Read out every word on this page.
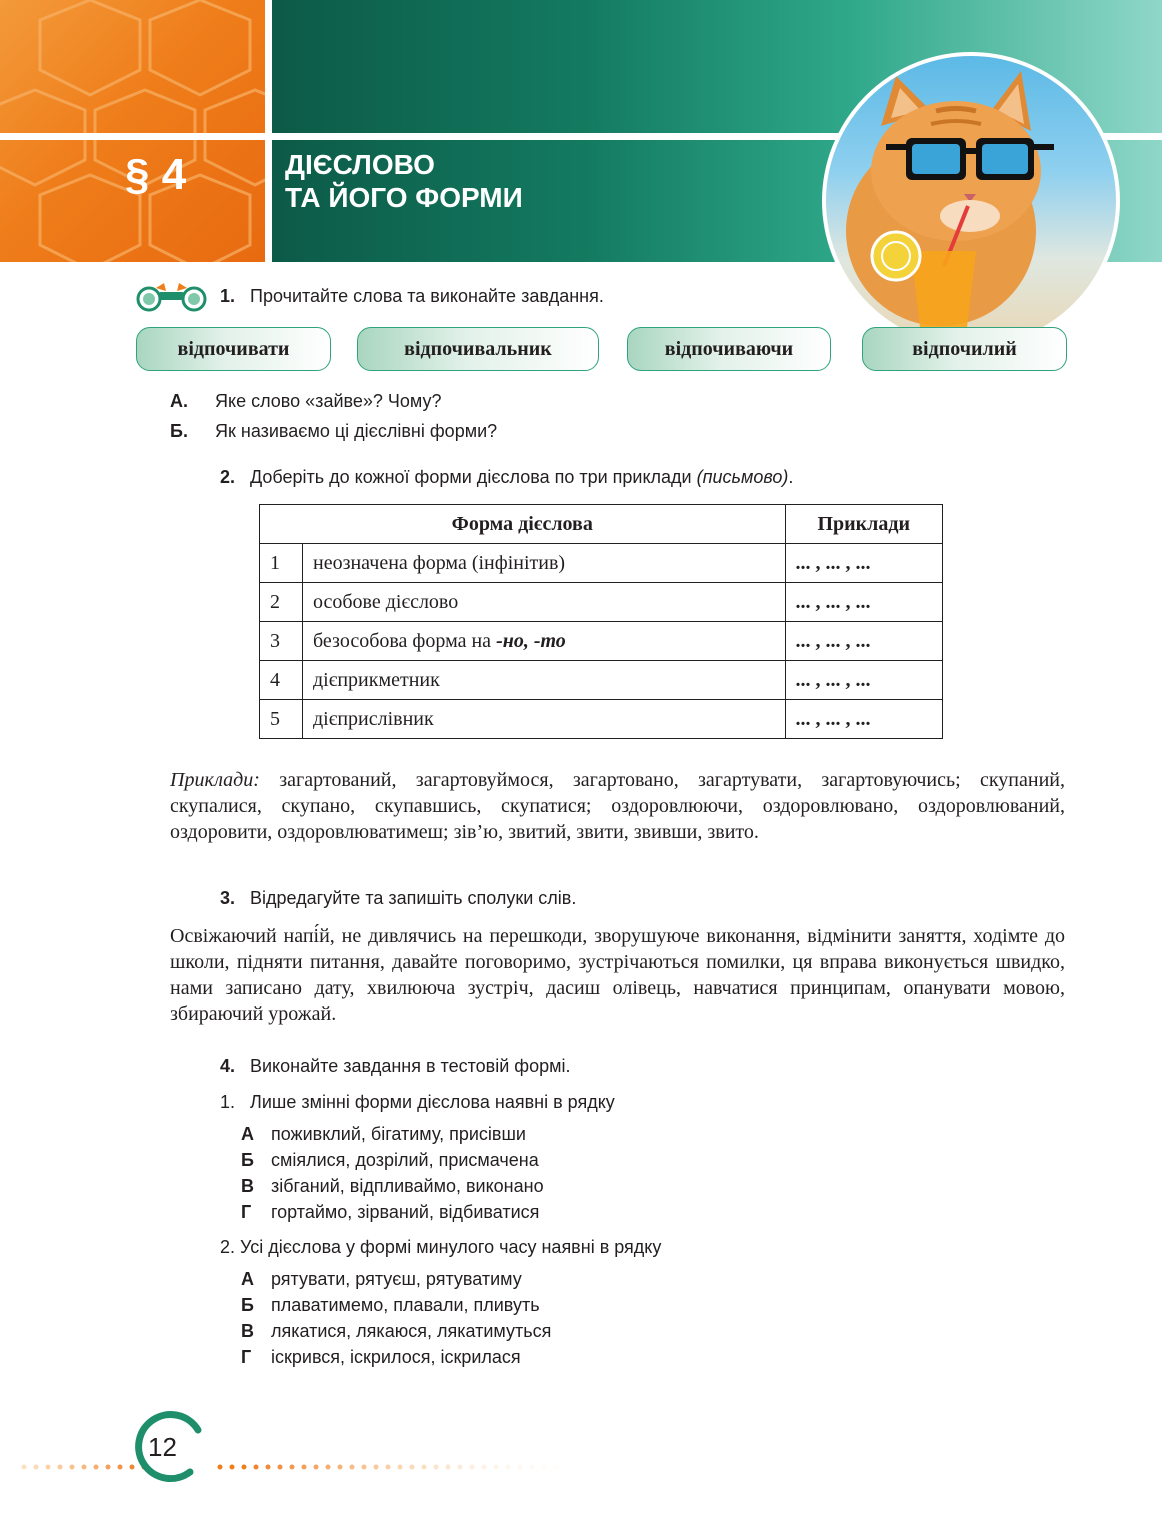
§ 4	ДІЄСЛОВО
ТА ЙОГО ФОРМИ
1. Прочитайте слова та виконайте завдання.
відпочивати	відпочивальник	відпочиваючи	відпочилий
А. Яке слово «зайве»? Чому?
Б. Як називаємо ці дієслівні форми?
2. Доберіть до кожної форми дієслова по три приклади (письмово).
Форма дієслова		Приклади
1	неозначена форма (інфінітив)	... , ... , ...
2	особове дієслово	... , ... , ...
3	безособова форма на -но, -то	... , ... , ...
4	дієприкметник	... , ... , ...
5	дієприслівник	... , ... , ...
Приклади: загартований, загартовуймося, загартовано, загартувати, загартовуючись; скупаний, скупалися, скупано, скупавшись, скупатися; оздоровлюючи, оздоровлювано, оздоровлюваний, оздоровити, оздоровлюватимеш; зів’ю, звитий, звити, звивши, звито.
3. Відредагуйте та запишіть сполуки слів.
Освіжаючий напі́й, не дивлячись на перешкоди, зворушуюче виконання, відмінити заняття, ходімте до школи, підняти питання, давайте поговоримо, зустрічаються помилки, ця вправа виконується швидко, нами записано дату, хвилююча зустріч, дасиш олівець, навчатися принципам, опанувати мовою, збираючий урожай.
4. Виконайте завдання в тестовій формі.
1.   Лише змінні форми дієслова наявні в рядку
А поживклий, бігатиму, присівши
Б сміялися, дозрілий, присмачена
В зібганий, відпливаймо, виконано
Г гортаймо, зірваний, відбиватися
2. Усі дієслова у формі минулого часу наявні в рядку
А рятувати, рятуєш, рятуватиму
Б плаватимемо, плавали, пливуть
В лякатися, лякаюся, лякатимуться
Г іскрився, іскрилося, іскрилася
12
